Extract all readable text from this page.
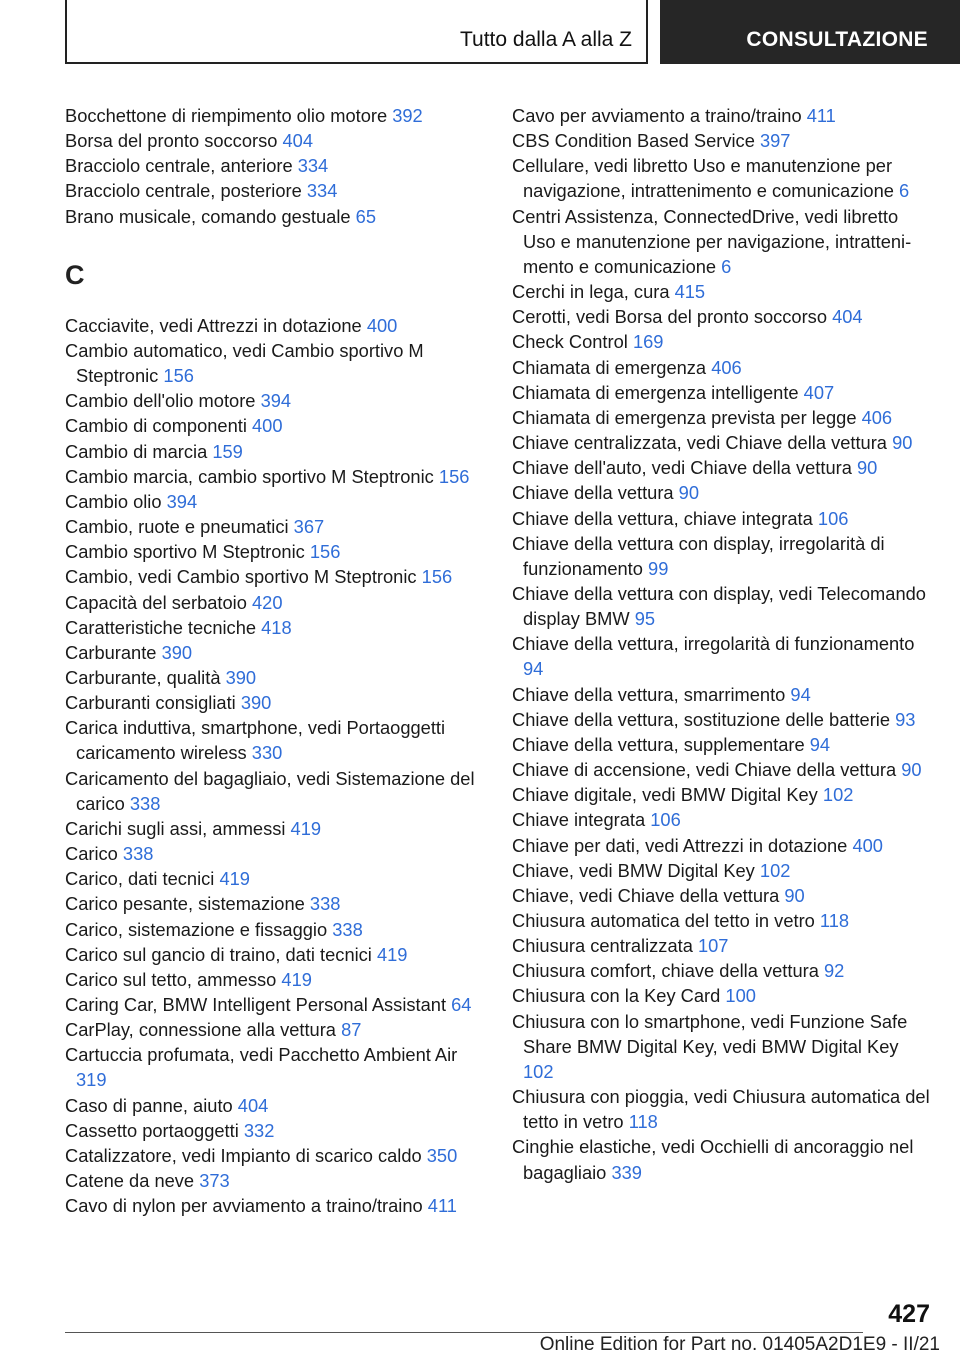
Tutto dalla A alla Z	CONSULTAZIONE
Bocchettone di riempimento olio motore 392
Borsa del pronto soccorso 404
Bracciolo centrale, anteriore 334
Bracciolo centrale, posteriore 334
Brano musicale, comando gestuale 65
C
Cacciavite, vedi Attrezzi in dotazione 400
Cambio automatico, vedi Cambio sportivo M Steptronic 156
Cambio dell'olio motore 394
Cambio di componenti 400
Cambio di marcia 159
Cambio marcia, cambio sportivo M Steptronic 156
Cambio olio 394
Cambio, ruote e pneumatici 367
Cambio sportivo M Steptronic 156
Cambio, vedi Cambio sportivo M Steptronic 156
Capacità del serbatoio 420
Caratteristiche tecniche 418
Carburante 390
Carburante, qualità 390
Carburanti consigliati 390
Carica induttiva, smartphone, vedi Portaoggetti caricamento wireless 330
Caricamento del bagagliaio, vedi Sistemazione del carico 338
Carichi sugli assi, ammessi 419
Carico 338
Carico, dati tecnici 419
Carico pesante, sistemazione 338
Carico, sistemazione e fissaggio 338
Carico sul gancio di traino, dati tecnici 419
Carico sul tetto, ammesso 419
Caring Car, BMW Intelligent Personal Assistant 64
CarPlay, connessione alla vettura 87
Cartuccia profumata, vedi Pacchetto Ambient Air 319
Caso di panne, aiuto 404
Cassetto portaoggetti 332
Catalizzatore, vedi Impianto di scarico caldo 350
Catene da neve 373
Cavo di nylon per avviamento a traino/traino 411
Cavo per avviamento a traino/traino 411
CBS Condition Based Service 397
Cellulare, vedi libretto Uso e manutenzione per navigazione, intrattenimento e comunicazione 6
Centri Assistenza, ConnectedDrive, vedi libretto Uso e manutenzione per navigazione, intrattenimento e comunicazione 6
Cerchi in lega, cura 415
Cerotti, vedi Borsa del pronto soccorso 404
Check Control 169
Chiamata di emergenza 406
Chiamata di emergenza intelligente 407
Chiamata di emergenza prevista per legge 406
Chiave centralizzata, vedi Chiave della vettura 90
Chiave dell'auto, vedi Chiave della vettura 90
Chiave della vettura 90
Chiave della vettura, chiave integrata 106
Chiave della vettura con display, irregolarità di funzionamento 99
Chiave della vettura con display, vedi Telecomando display BMW 95
Chiave della vettura, irregolarità di funzionamento 94
Chiave della vettura, smarrimento 94
Chiave della vettura, sostituzione delle batterie 93
Chiave della vettura, supplementare 94
Chiave di accensione, vedi Chiave della vettura 90
Chiave digitale, vedi BMW Digital Key 102
Chiave integrata 106
Chiave per dati, vedi Attrezzi in dotazione 400
Chiave, vedi BMW Digital Key 102
Chiave, vedi Chiave della vettura 90
Chiusura automatica del tetto in vetro 118
Chiusura centralizzata 107
Chiusura comfort, chiave della vettura 92
Chiusura con la Key Card 100
Chiusura con lo smartphone, vedi Funzione Safe Share BMW Digital Key, vedi BMW Digital Key 102
Chiusura con pioggia, vedi Chiusura automatica del tetto in vetro 118
Cinghie elastiche, vedi Occhielli di ancoraggio nel bagagliaio 339
427
Online Edition for Part no. 01405A2D1E9 - II/21
